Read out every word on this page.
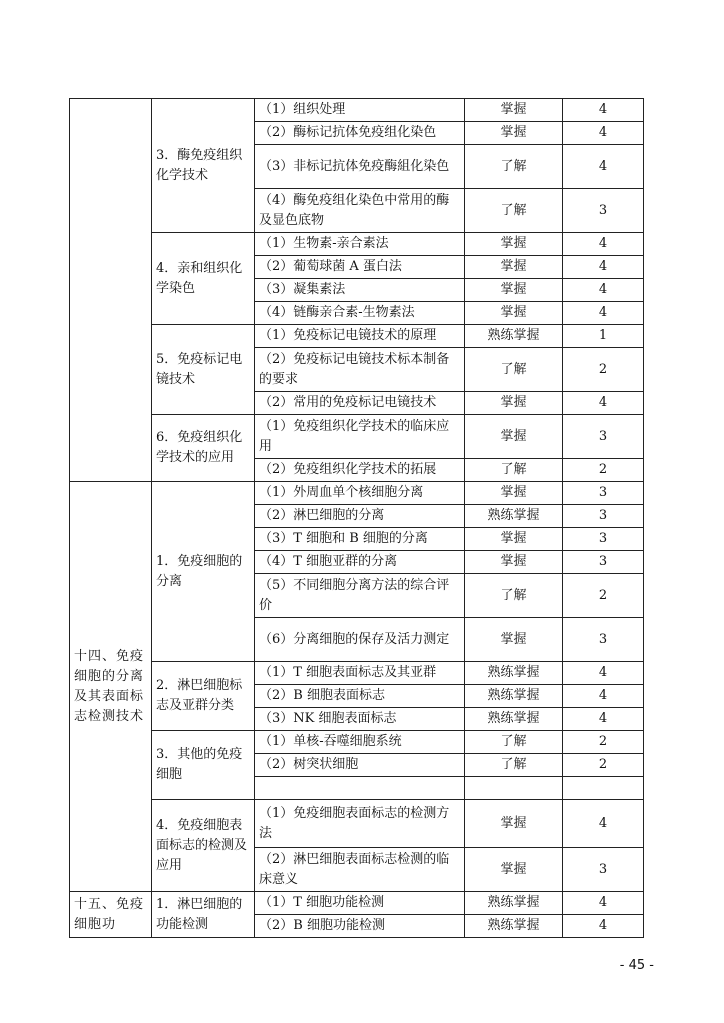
	3．酶免疫组织化学技术	（1）组织处理	掌握	4
		（2）酶标记抗体免疫组化染色	掌握	4
		（3）非标记抗体免疫酶組化染色	了解	4
		（4）酶免疫组化染色中常用的酶及显色底物	了解	3
	4．亲和组织化学染色	（1）生物素-亲合素法	掌握	4
		（2）葡萄球菌 A 蛋白法	掌握	4
		（3）凝集素法	掌握	4
		（4）链酶亲合素-生物素法	掌握	4
	5．免疫标记电镜技术	（1）免疫标记电镜技术的原理	熟练掌握	1
		（2）免疫标记电镜技术标本制备的要求	了解	2
		（2）常用的免疫标记电镜技术	掌握	4
	6．免疫组织化学技术的应用	（1）免疫组织化学技术的临床应用	掌握	3
		（2）免疫组织化学技术的拓展	了解	2
十四、免疫细胞的分离及其表面标志检测技术	1．免疫细胞的分离	（1）外周血单个核细胞分离	掌握	3
		（2）淋巴细胞的分离	熟练掌握	3
		（3）T 细胞和 B 细胞的分离	掌握	3
		（4）T 细胞亚群的分离	掌握	3
		（5）不同细胞分离方法的综合评价	了解	2
		（6）分离细胞的保存及活力测定	掌握	3
	2．淋巴细胞标志及亚群分类	（1）T 细胞表面标志及其亚群	熟练掌握	4
		（2）B 细胞表面标志	熟练掌握	4
		（3）NK 细胞表面标志	熟练掌握	4
	3．其他的免疫细胞	（1）单核-吞噬细胞系统	了解	2
		（2）树突状细胞	了解	2

	4．免疫细胞表面标志的检测及应用	（1）免疫细胞表面标志的检测方法	掌握	4
		（2）淋巴细胞表面标志检测的临床意义	掌握	3
十五、免疫细胞功	1．淋巴细胞的功能检测	（1）T 细胞功能检测	熟练掌握	4
		（2）B 细胞功能检测	熟练掌握	4
- 45 -
